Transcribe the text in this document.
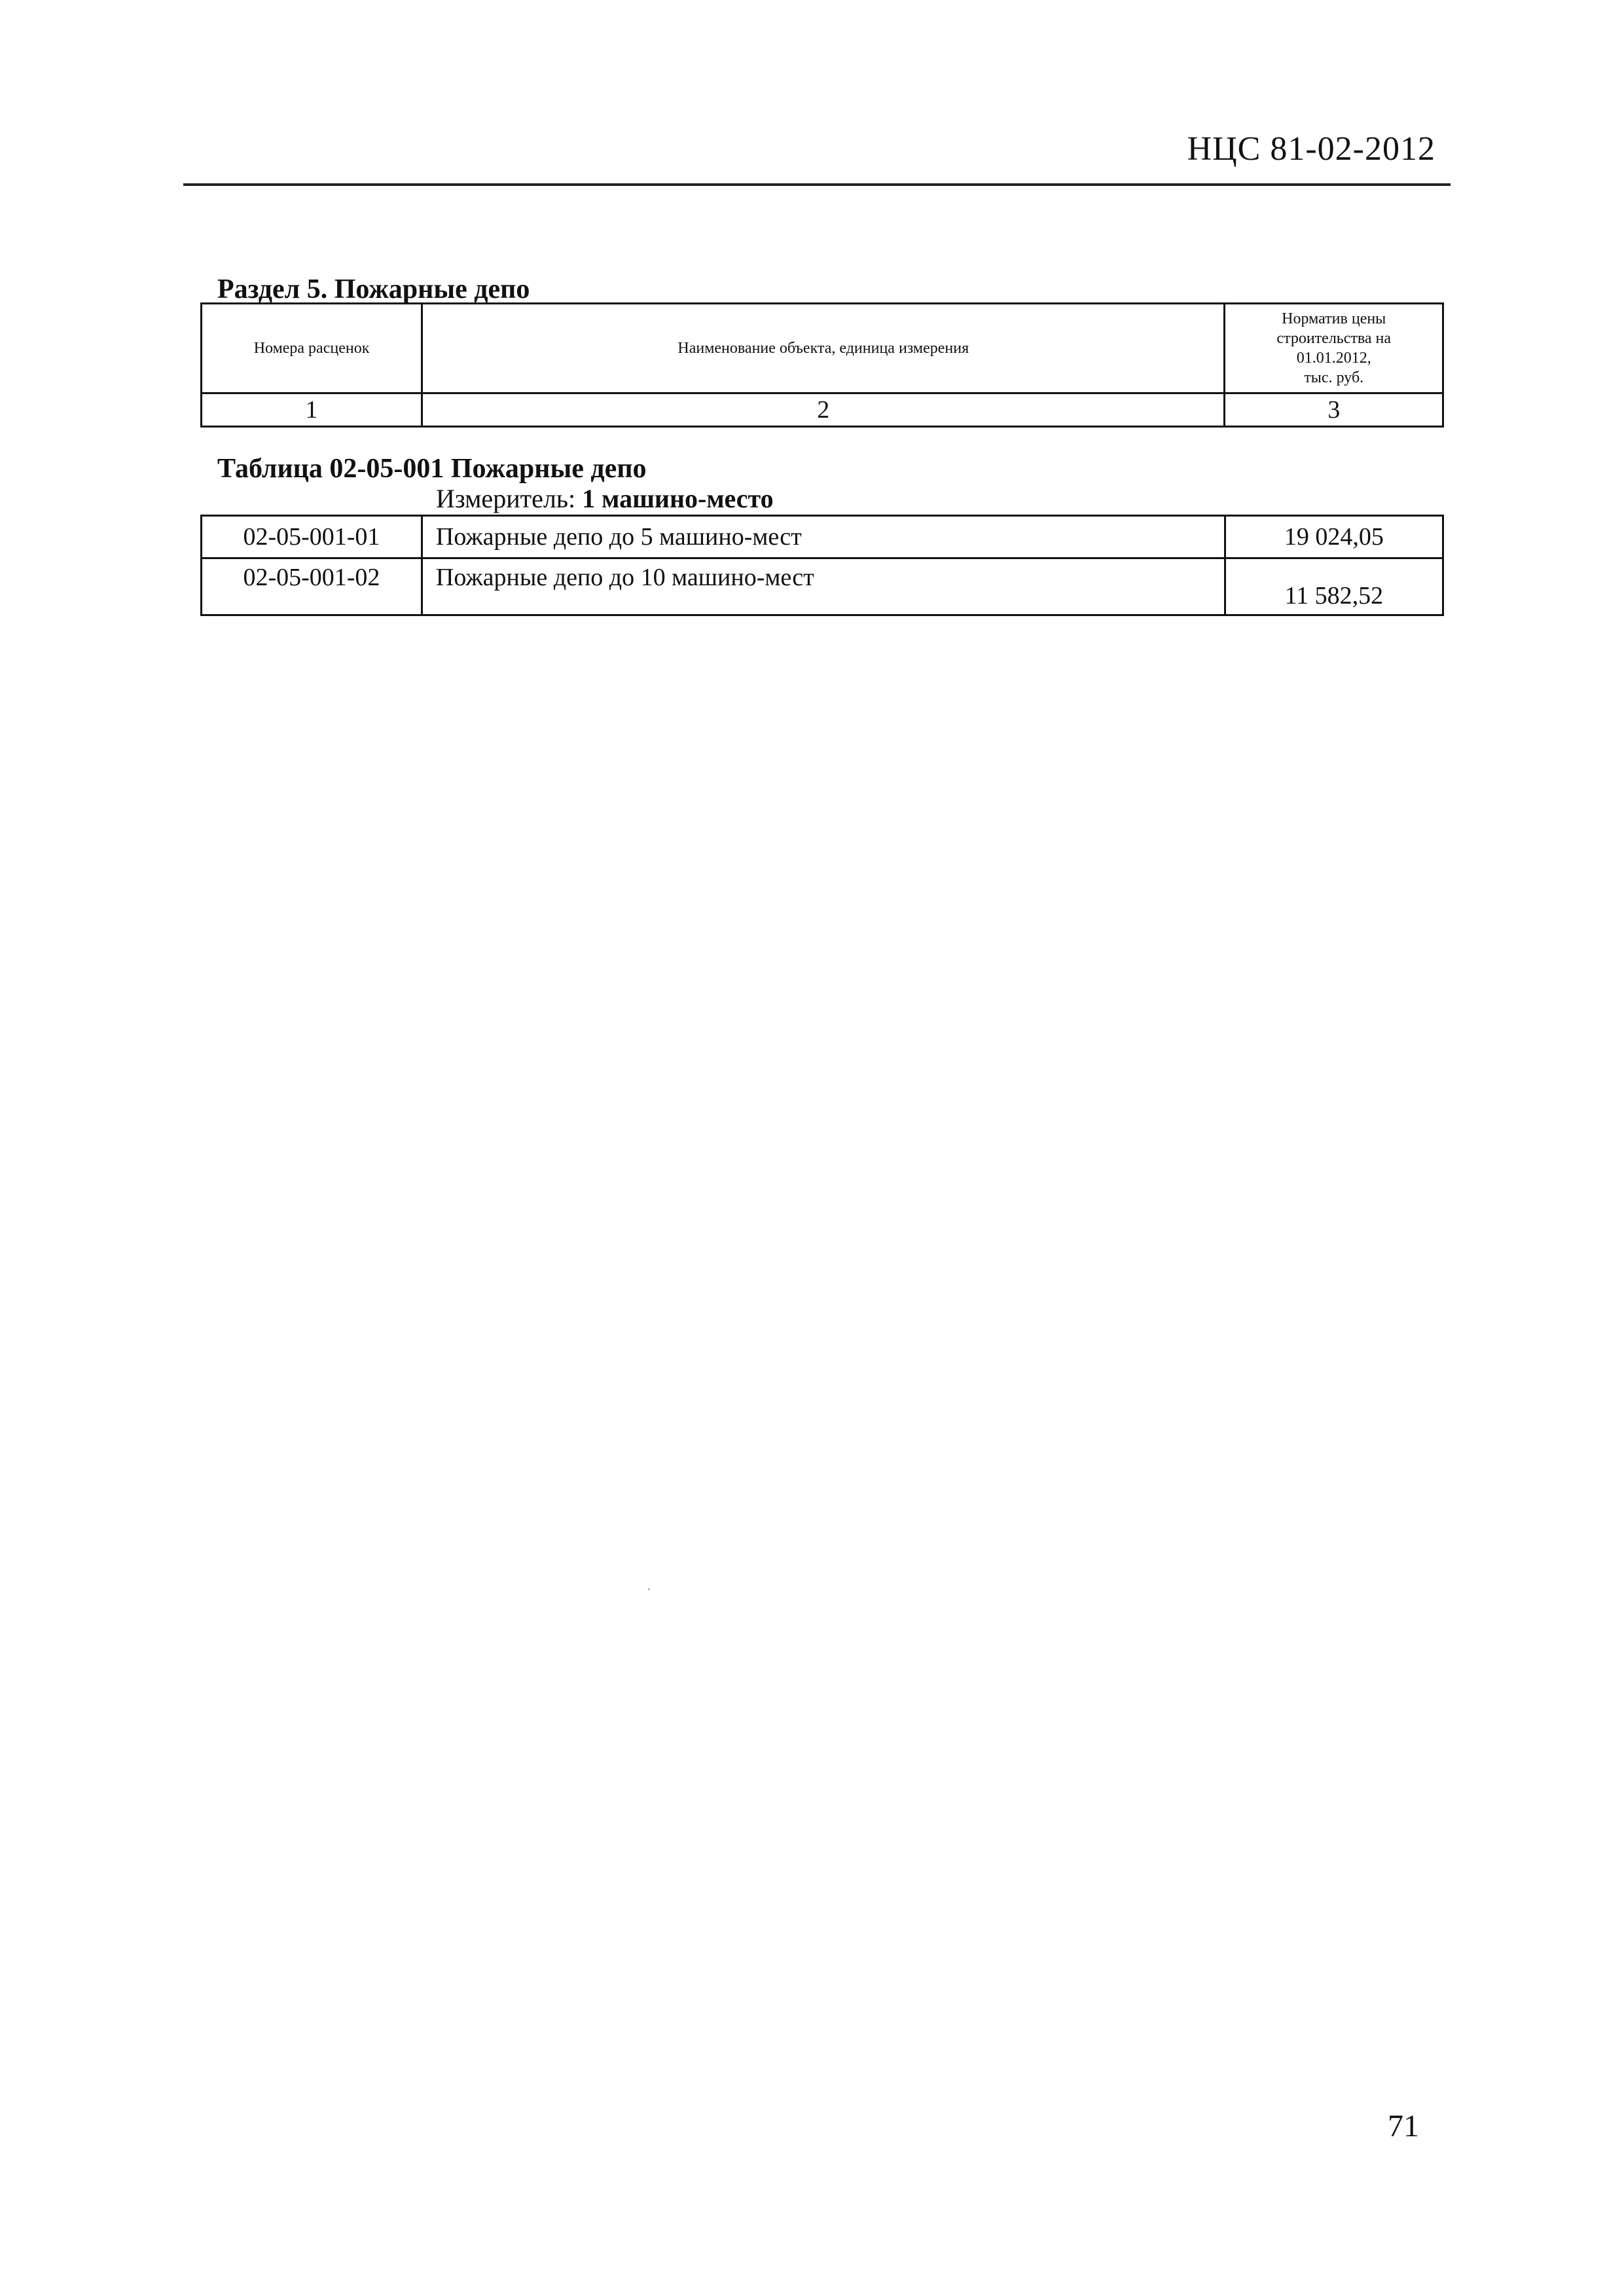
НЦС 81-02-2012
Раздел 5. Пожарные депо
Номера расценок	Наименование объекта, единица измерения	Норматив цены
строительства на
01.01.2012,
тыс. руб.

1	2	3
Таблица 02-05-001 Пожарные депо
Измеритель: 1 машино-место
02-05-001-01	Пожарные депо до 5 машино-мест	19 024,05
02-05-001-02	Пожарные депо до 10 машино-мест	11 582,52
71
